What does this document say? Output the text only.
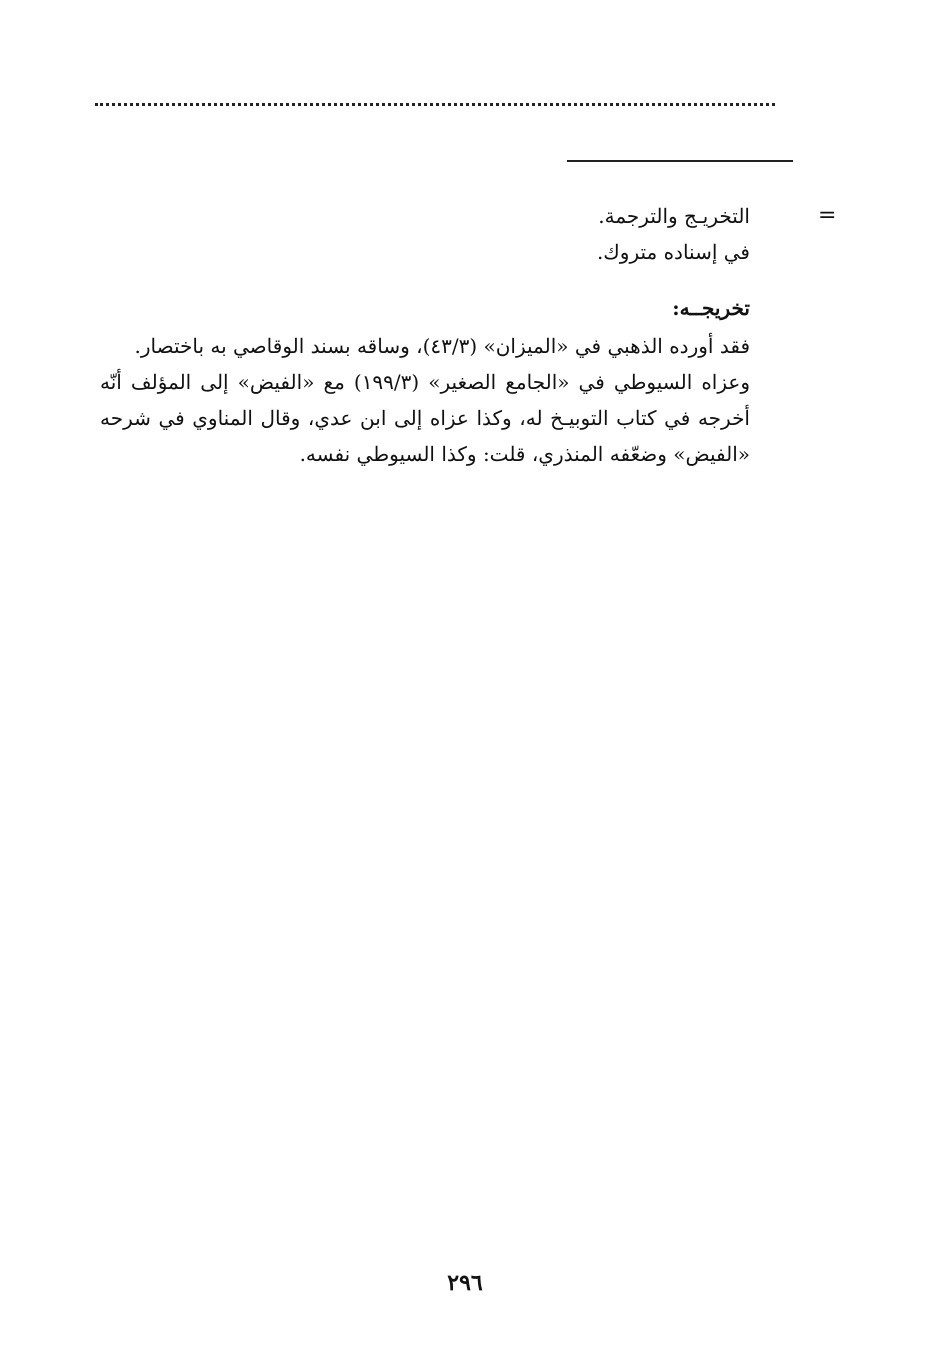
=
التخريـج والترجمة.
في إسناده متروك.
تخريجــه:
فقد أورده الذهبي في «الميزان» (٤٣/٣)، وساقه بسند الوقاصي به باختصار.
وعزاه السيوطي في «الجامع الصغير» (١٩٩/٣) مع «الفيض» إلى المؤلف أنّه أخرجه في كتاب التوبيـخ له، وكذا عزاه إلى ابن عدي، وقال المناوي في شرحه «الفيض» وضعّفه المنذري، قلت: وكذا السيوطي نفسه.
٢٩٦
